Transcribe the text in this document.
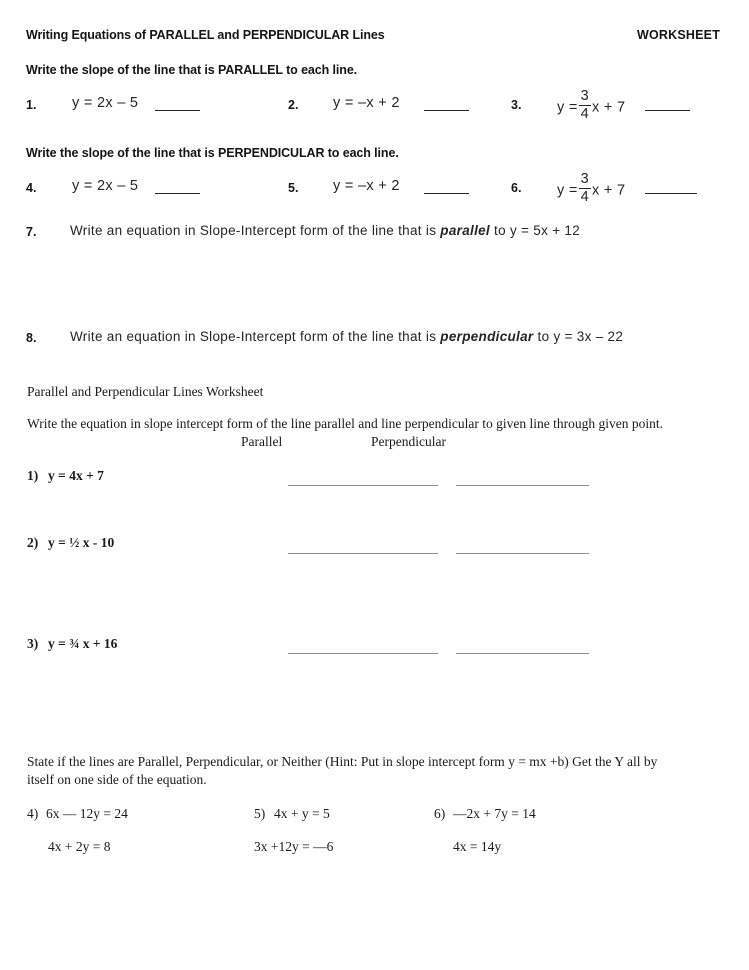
Writing Equations of PARALLEL and PERPENDICULAR Lines	WORKSHEET
Write the slope of the line that is PARALLEL to each line.
1. y = 2x – 5	2. y = –x + 2	3. $y = \frac{3}{4}$ x + 7
Write the slope of the line that is PERPENDICULAR to each line.
4. y = 2x – 5	5. y = –x + 2	6. $y = \frac{3}{4}$ x + 7
7. Write an equation in Slope-Intercept form of the line that is parallel to y = 5x + 12
8. Write an equation in Slope-Intercept form of the line that is perpendicular to y = 3x – 22
Parallel and Perpendicular Lines Worksheet
Write the equation in slope intercept form of the line parallel and line perpendicular to given line through given point.
Parallel	Perpendicular
1) y = 4x + 7
2) y = ½ x - 10
3) y = ¾ x + 16
State if the lines are Parallel, Perpendicular, or Neither (Hint: Put in slope intercept form y = mx +b) Get the Y all by
itself on one side of the equation.
4) 6x — 12y = 24
4x + 2y = 8
5) 4x + y = 5
3x +12y = —6
6) —2x + 7y = 14
4x = 14y
